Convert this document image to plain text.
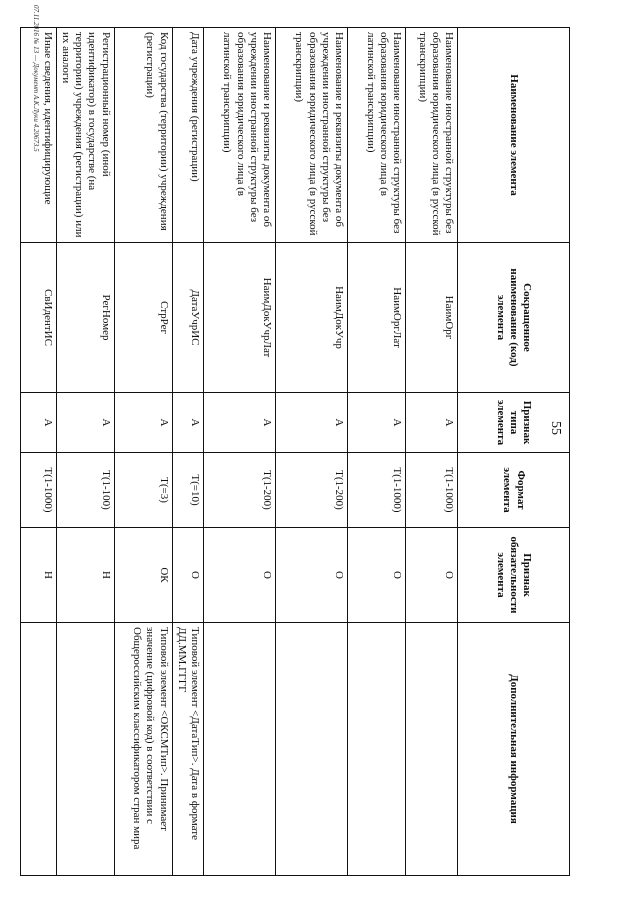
55
Наименование элемента	Сокращенное наименование (код) элемента	Признак типа элемента	Формат элемента	Признак обязательности элемента	Дополнительная информация
Наименование иностранной структуры без образования юридического лица (в русской транскрипции)	НаимОрг	А	T(1-1000)	О	
Наименование иностранной структуры без образования юридического лица (в латинской транскрипции)	НаимОргЛат	А	T(1-1000)	О	
Наименование и реквизиты документа об учреждении иностранной структуры без образования юридического лица (в русской транскрипции)	НаимДокУчр	А	T(1-200)	О	
Наименование и реквизиты документа об учреждении иностранной структуры без образования юридического лица (в латинской транскрипции)	НаимДокУчрЛат	А	T(1-200)	О	
Дата учреждения (регистрации)	ДатаУчрИС	А	T(=10)	О	Типовой элемент <ДатаТип>. Дата в формате ДД.ММ.ГГГГ
Код государства (территории) учреждения (регистрации)	СтрРег	А	T(=3)	ОК	Типовой элемент <ОКСМТип>. Принимает значение (цифровой код) в соответствии с Общероссийским классификатором стран мира
Регистрационный номер (иной идентификатор) в государстве (на территории) учреждения (регистрации) или их аналоги	РегНомер	А	T(1-100)	Н	
Иные сведения, идентифицирующие	СвИдентИС	А	T(1-1000)	Н	
07.11.2016 № 13 — Документ А.К.Луки 4.20673.5
